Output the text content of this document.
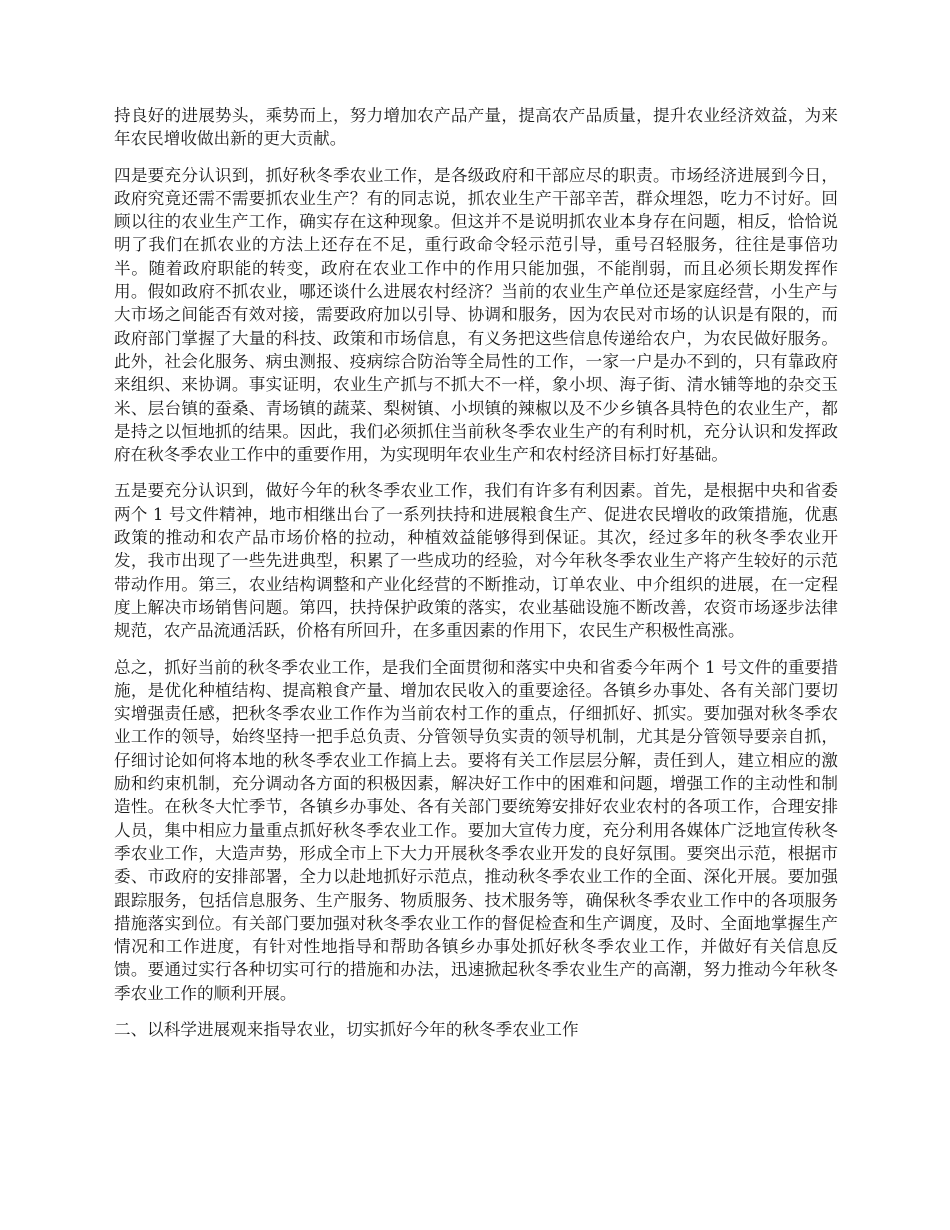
持良好的进展势头，乘势而上，努力增加农产品产量，提高农产品质量，提升农业经济效益，为来年农民增收做出新的更大贡献。

四是要充分认识到，抓好秋冬季农业工作，是各级政府和干部应尽的职责。市场经济进展到今日，政府究竟还需不需要抓农业生产？有的同志说，抓农业生产干部辛苦，群众埋怨，吃力不讨好。回顾以往的农业生产工作，确实存在这种现象。但这并不是说明抓农业本身存在问题，相反，恰恰说明了我们在抓农业的方法上还存在不足，重行政命令轻示范引导，重号召轻服务，往往是事倍功半。随着政府职能的转变，政府在农业工作中的作用只能加强，不能削弱，而且必须长期发挥作用。假如政府不抓农业，哪还谈什么进展农村经济？当前的农业生产单位还是家庭经营，小生产与大市场之间能否有效对接，需要政府加以引导、协调和服务，因为农民对市场的认识是有限的，而政府部门掌握了大量的科技、政策和市场信息，有义务把这些信息传递给农户，为农民做好服务。此外，社会化服务、病虫测报、疫病综合防治等全局性的工作，一家一户是办不到的，只有靠政府来组织、来协调。事实证明，农业生产抓与不抓大不一样，象小坝、海子街、清水铺等地的杂交玉米、层台镇的蚕桑、青场镇的蔬菜、梨树镇、小坝镇的辣椒以及不少乡镇各具特色的农业生产，都是持之以恒地抓的结果。因此，我们必须抓住当前秋冬季农业生产的有利时机，充分认识和发挥政府在秋冬季农业工作中的重要作用，为实现明年农业生产和农村经济目标打好基础。

五是要充分认识到，做好今年的秋冬季农业工作，我们有许多有利因素。首先，是根据中央和省委两个 1 号文件精神，地市相继出台了一系列扶持和进展粮食生产、促进农民增收的政策措施，优惠政策的推动和农产品市场价格的拉动，种植效益能够得到保证。其次，经过多年的秋冬季农业开发，我市出现了一些先进典型，积累了一些成功的经验，对今年秋冬季农业生产将产生较好的示范带动作用。第三，农业结构调整和产业化经营的不断推动，订单农业、中介组织的进展，在一定程度上解决市场销售问题。第四，扶持保护政策的落实，农业基础设施不断改善，农资市场逐步法律规范，农产品流通活跃，价格有所回升，在多重因素的作用下，农民生产积极性高涨。

总之，抓好当前的秋冬季农业工作，是我们全面贯彻和落实中央和省委今年两个 1 号文件的重要措施，是优化种植结构、提高粮食产量、增加农民收入的重要途径。各镇乡办事处、各有关部门要切实增强责任感，把秋冬季农业工作作为当前农村工作的重点，仔细抓好、抓实。要加强对秋冬季农业工作的领导，始终坚持一把手总负责、分管领导负实责的领导机制，尤其是分管领导要亲自抓，仔细讨论如何将本地的秋冬季农业工作搞上去。要将有关工作层层分解，责任到人，建立相应的激励和约束机制，充分调动各方面的积极因素，解决好工作中的困难和问题，增强工作的主动性和制造性。在秋冬大忙季节，各镇乡办事处、各有关部门要统筹安排好农业农村的各项工作，合理安排人员，集中相应力量重点抓好秋冬季农业工作。要加大宣传力度，充分利用各媒体广泛地宣传秋冬季农业工作，大造声势，形成全市上下大力开展秋冬季农业开发的良好氛围。要突出示范，根据市委、市政府的安排部署，全力以赴地抓好示范点，推动秋冬季农业工作的全面、深化开展。要加强跟踪服务，包括信息服务、生产服务、物质服务、技术服务等，确保秋冬季农业工作中的各项服务措施落实到位。有关部门要加强对秋冬季农业工作的督促检查和生产调度，及时、全面地掌握生产情况和工作进度，有针对性地指导和帮助各镇乡办事处抓好秋冬季农业工作，并做好有关信息反馈。要通过实行各种切实可行的措施和办法，迅速掀起秋冬季农业生产的高潮，努力推动今年秋冬季农业工作的顺利开展。

二、以科学进展观来指导农业，切实抓好今年的秋冬季农业工作
